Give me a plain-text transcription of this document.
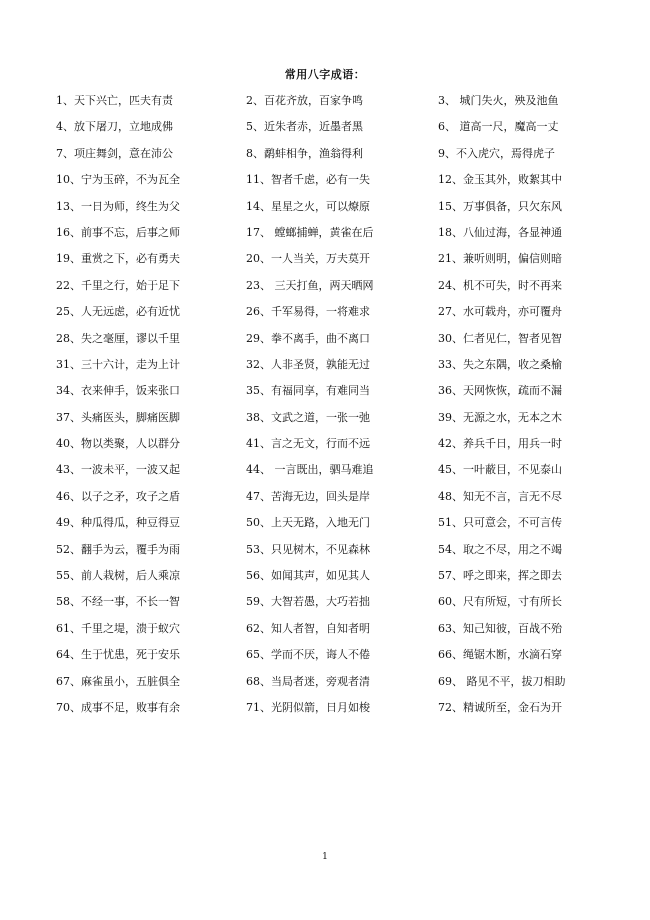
常用八字成语：
1、天下兴亡，匹夫有责	2、百花齐放，百家争鸣	3、 城门失火，殃及池鱼
4、放下屠刀，立地成佛	5、近朱者赤，近墨者黑	6、 道高一尺，魔高一丈
7、项庄舞剑，意在沛公	8、鹬蚌相争，渔翁得利	9、不入虎穴，焉得虎子
10、宁为玉碎，不为瓦全	11、智者千虑，必有一失	12、金玉其外，败絮其中
13、一日为师，终生为父	14、星星之火，可以燎原	15、万事俱备，只欠东风
16、前事不忘，后事之师	17、 螳螂捕蝉，黄雀在后	18、八仙过海，各显神通
19、重赏之下，必有勇夫	20、一人当关，万夫莫开	21、兼听则明，偏信则暗
22、千里之行，始于足下	23、 三天打鱼，两天晒网	24、机不可失，时不再来
25、人无远虑，必有近忧	26、千军易得，一将难求	27、水可载舟，亦可覆舟
28、失之毫厘，谬以千里	29、拳不离手，曲不离口	30、仁者见仁，智者见智
31、三十六计，走为上计	32、人非圣贤，孰能无过	33、失之东隅，收之桑榆
34、衣来伸手，饭来张口	35、有福同享，有难同当	36、天网恢恢，疏而不漏
37、头痛医头，脚痛医脚	38、文武之道，一张一弛	39、无源之水，无本之木
40、物以类聚，人以群分	41、言之无文，行而不远	42、养兵千日，用兵一时
43、一波未平，一波又起	44、 一言既出，驷马难追	45、一叶蔽目，不见泰山
46、以子之矛，攻子之盾	47、苦海无边，回头是岸	48、知无不言，言无不尽
49、种瓜得瓜，种豆得豆	50、上天无路，入地无门	51、只可意会，不可言传
52、翻手为云，覆手为雨	53、只见树木，不见森林	54、取之不尽，用之不竭
55、前人栽树，后人乘凉	56、如闻其声，如见其人	57、呼之即来，挥之即去
58、不经一事，不长一智	59、大智若愚，大巧若拙	60、尺有所短，寸有所长
61、千里之堤，溃于蚁穴	62、知人者智，自知者明	63、知己知彼，百战不殆
64、生于忧患，死于安乐	65、学而不厌，诲人不倦	66、绳锯木断，水滴石穿
67、麻雀虽小，五脏俱全	68、当局者迷，旁观者清	69、 路见不平，拔刀相助
70、成事不足，败事有余	71、光阴似箭，日月如梭	72、精诚所至，金石为开
1
